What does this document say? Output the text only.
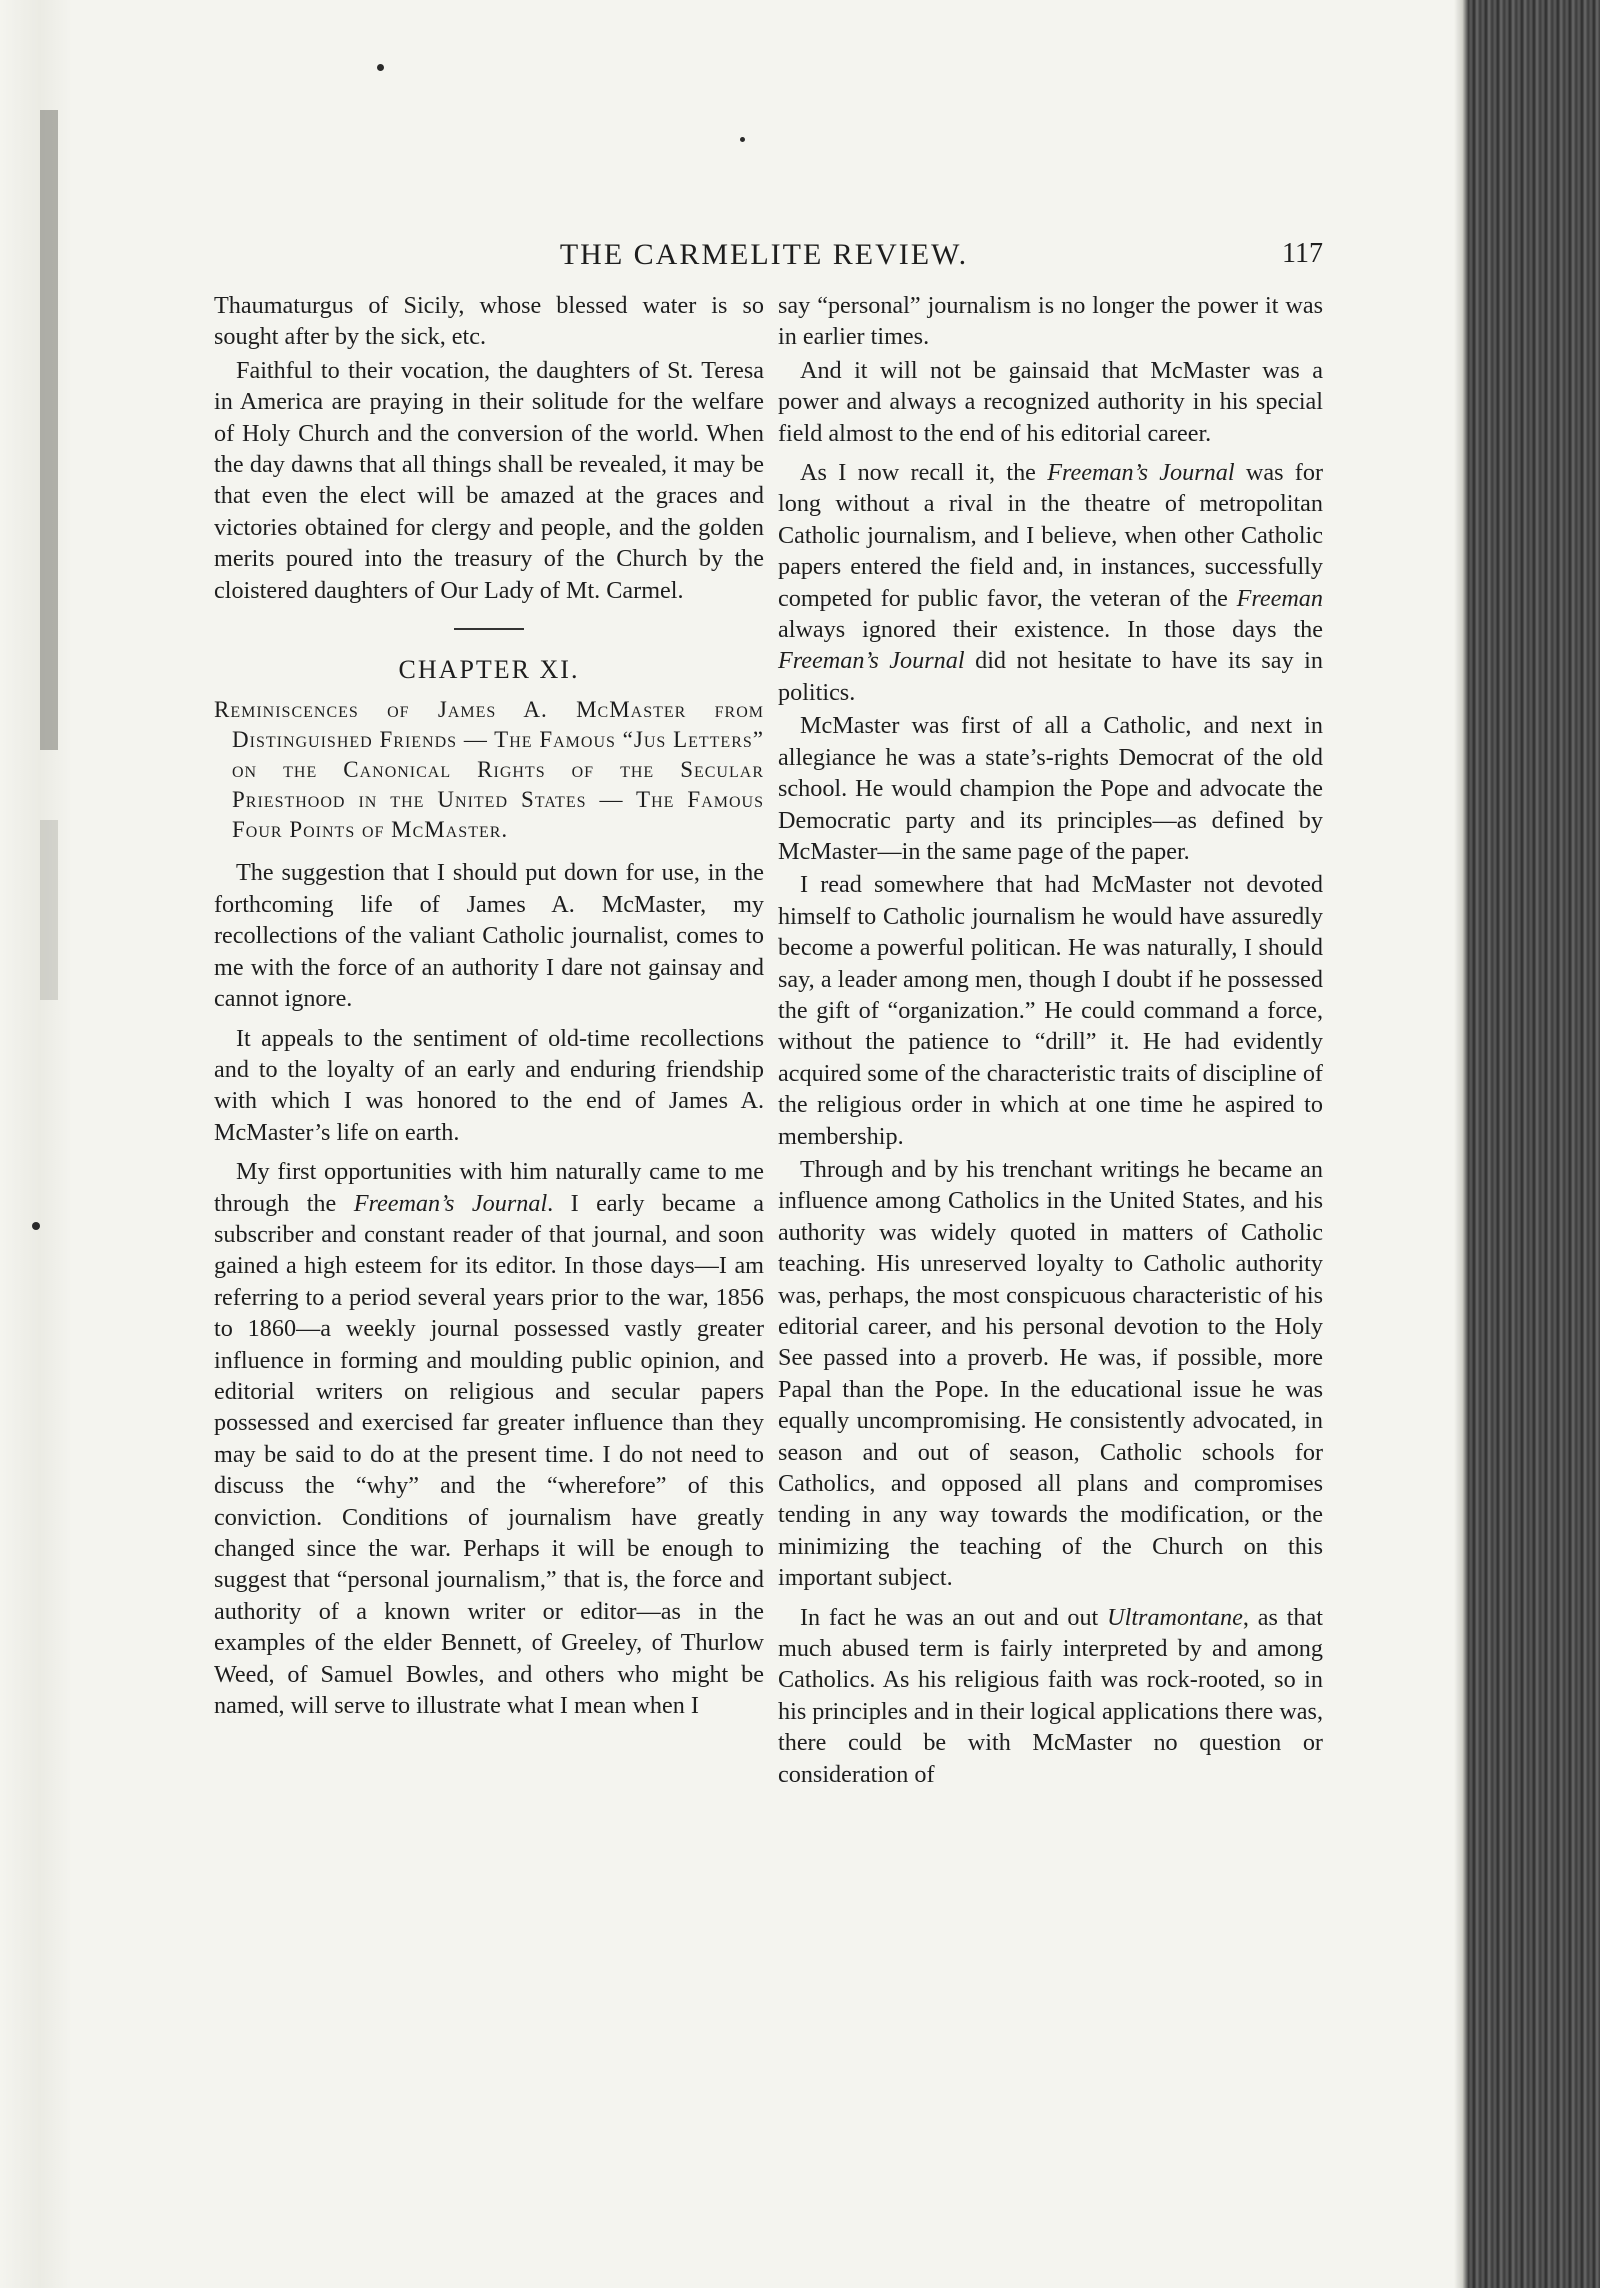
THE CARMELITE REVIEW.	117

Thaumaturgus of Sicily, whose blessed water is so sought after by the sick, etc.

Faithful to their vocation, the daughters of St. Teresa in America are praying in their solitude for the welfare of Holy Church and the conversion of the world. When the day dawns that all things shall be revealed, it may be that even the elect will be amazed at the graces and victories obtained for clergy and people, and the golden merits poured into the treasury of the Church by the cloistered daughters of Our Lady of Mt. Carmel.

CHAPTER XI.
Reminiscences of James A. McMaster from Distinguished Friends — The Famous “Jus Letters” on the Canonical Rights of the Secular Priesthood in the United States — The Famous Four Points of McMaster.

The suggestion that I should put down for use, in the forthcoming life of James A. McMaster, my recollections of the valiant Catholic journalist, comes to me with the force of an authority I dare not gainsay and cannot ignore.

It appeals to the sentiment of old-time recollections and to the loyalty of an early and enduring friendship with which I was honored to the end of James A. McMaster’s life on earth.

My first opportunities with him naturally came to me through the Freeman’s Journal. I early became a subscriber and constant reader of that journal, and soon gained a high esteem for its editor. In those days—I am referring to a period several years prior to the war, 1856 to 1860—a weekly journal possessed vastly greater influence in forming and moulding public opinion, and editorial writers on religious and secular papers possessed and exercised far greater influence than they may be said to do at the present time. I do not need to discuss the “why” and the “wherefore” of this conviction. Conditions of journalism have greatly changed since the war. Perhaps it will be enough to suggest that “personal journalism,” that is, the force and authority of a known writer or editor—as in the examples of the elder Bennett, of Greeley, of Thurlow Weed, of Samuel Bowles, and others who might be named, will serve to illustrate what I mean when I

say “personal” journalism is no longer the power it was in earlier times.

And it will not be gainsaid that McMaster was a power and always a recognized authority in his special field almost to the end of his editorial career.

As I now recall it, the Freeman’s Journal was for long without a rival in the theatre of metropolitan Catholic journalism, and I believe, when other Catholic papers entered the field and, in instances, successfully competed for public favor, the veteran of the Freeman always ignored their existence. In those days the Freeman’s Journal did not hesitate to have its say in politics.

McMaster was first of all a Catholic, and next in allegiance he was a state’s-rights Democrat of the old school. He would champion the Pope and advocate the Democratic party and its principles—as defined by McMaster—in the same page of the paper.

I read somewhere that had McMaster not devoted himself to Catholic journalism he would have assuredly become a powerful politican. He was naturally, I should say, a leader among men, though I doubt if he possessed the gift of “organization.” He could command a force, without the patience to “drill” it. He had evidently acquired some of the characteristic traits of discipline of the religious order in which at one time he aspired to membership.

Through and by his trenchant writings he became an influence among Catholics in the United States, and his authority was widely quoted in matters of Catholic teaching. His unreserved loyalty to Catholic authority was, perhaps, the most conspicuous characteristic of his editorial career, and his personal devotion to the Holy See passed into a proverb. He was, if possible, more Papal than the Pope. In the educational issue he was equally uncompromising. He consistently advocated, in season and out of season, Catholic schools for Catholics, and opposed all plans and compromises tending in any way towards the modification, or the minimizing the teaching of the Church on this important subject.

In fact he was an out and out Ultramontane, as that much abused term is fairly interpreted by and among Catholics. As his religious faith was rock-rooted, so in his principles and in their logical applications there was, there could be with McMaster no question or consideration of
